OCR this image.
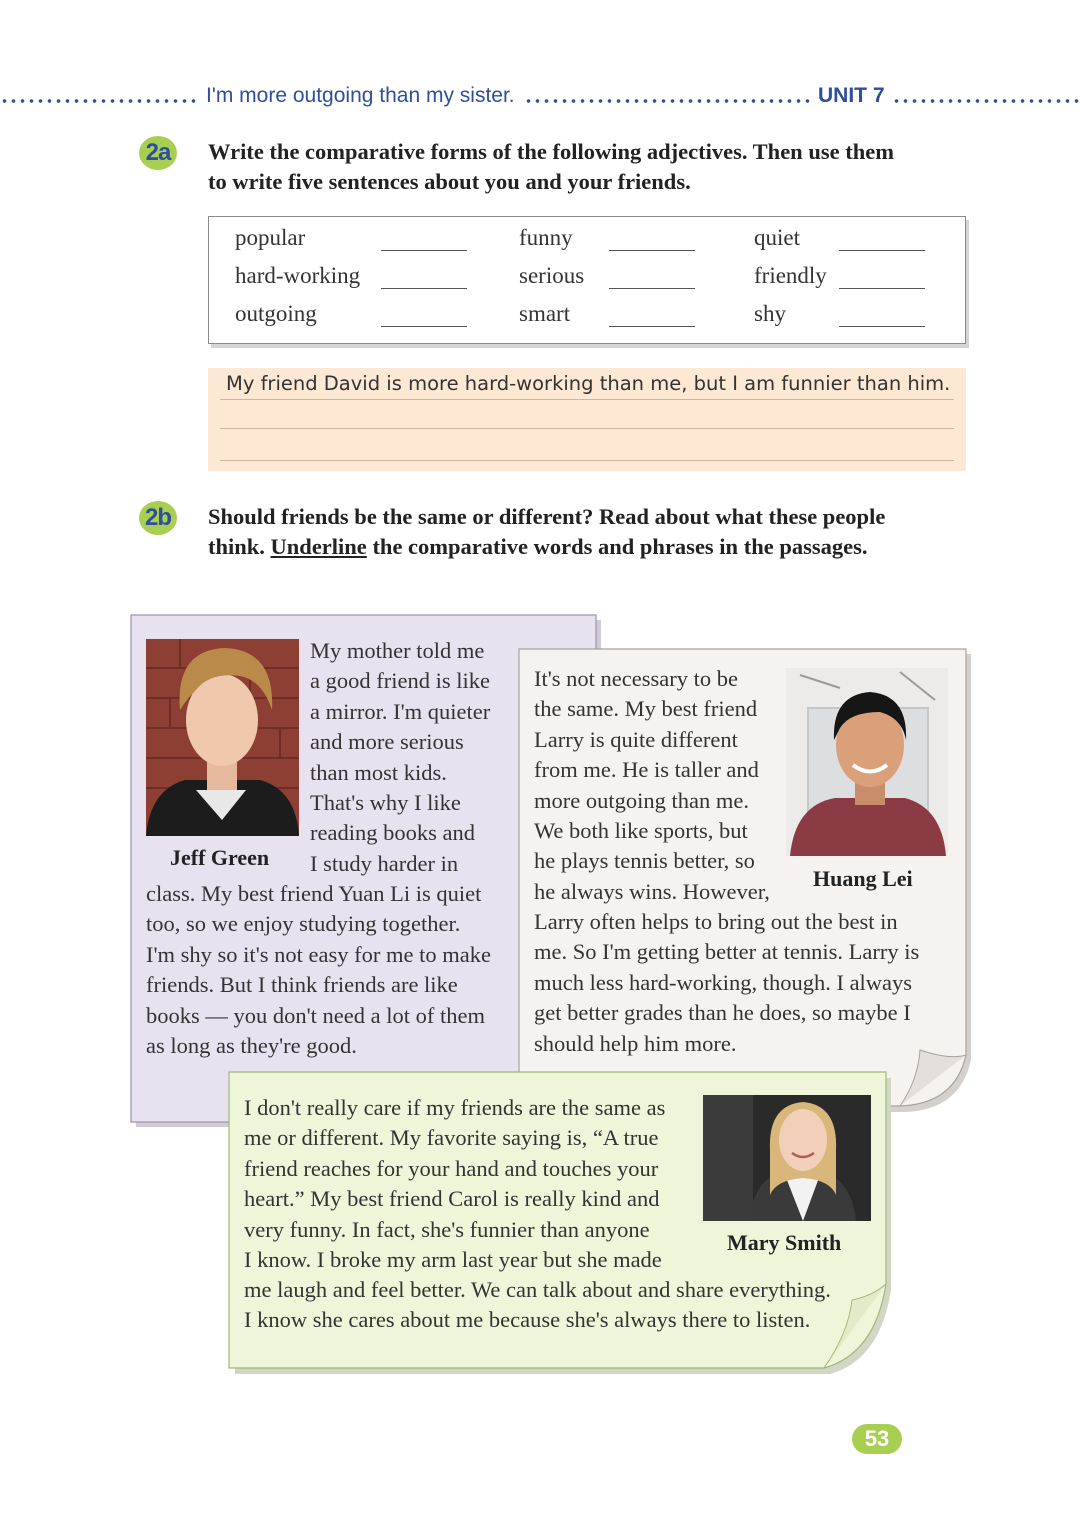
I'm more outgoing than my sister.	UNIT 7
2a Write the comparative forms of the following adjectives. Then use them
to write five sentences about you and your friends.
popular	funny	quiet
hard-working	serious	friendly
outgoing	smart	shy
My friend David is more hard-working than me, but I am funnier than him.
2b Should friends be the same or different? Read about what these people
think. Underline the comparative words and phrases in the passages.
My mother told me
a good friend is like
a mirror. I'm quieter
and more serious
than most kids.
That's why I like
reading books and
I study harder in
Jeff Green
class. My best friend Yuan Li is quiet
too, so we enjoy studying together.
I'm shy so it's not easy for me to make
friends. But I think friends are like
books — you don't need a lot of them
as long as they're good.
It's not necessary to be
the same. My best friend
Larry is quite different
from me. He is taller and
more outgoing than me.
We both like sports, but
he plays tennis better, so
he always wins. However,
Huang Lei
Larry often helps to bring out the best in
me. So I'm getting better at tennis. Larry is
much less hard-working, though. I always
get better grades than he does, so maybe I
should help him more.
I don't really care if my friends are the same as
me or different. My favorite saying is, “A true
friend reaches for your hand and touches your
heart.” My best friend Carol is really kind and
very funny. In fact, she's funnier than anyone
I know. I broke my arm last year but she made
Mary Smith
me laugh and feel better. We can talk about and share everything.
I know she cares about me because she's always there to listen.
53
